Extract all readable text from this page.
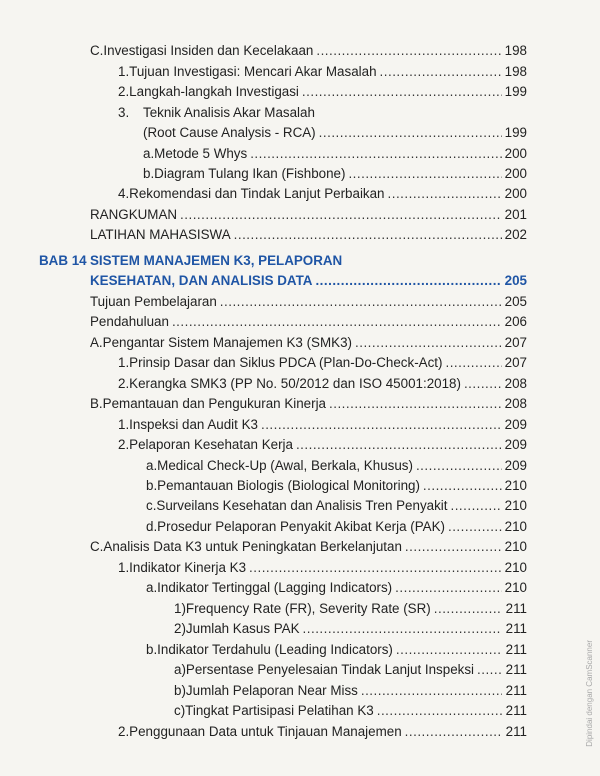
C. Investigasi Insiden dan Kecelakaan .....	198
1. Tujuan Investigasi: Mencari Akar Masalah .....	198
2. Langkah-langkah Investigasi .....	199
3.	Teknik Analisis Akar Masalah
(Root Cause Analysis - RCA) .....	199
a. Metode 5 Whys .....	200
b. Diagram Tulang Ikan (Fishbone) .....	200
4. Rekomendasi dan Tindak Lanjut Perbaikan .....	200
RANGKUMAN .....	201
LATIHAN MAHASISWA .....	202
BAB 14 SISTEM MANAJEMEN K3, PELAPORAN
KESEHATAN, DAN ANALISIS DATA .....	205
Tujuan Pembelajaran .....	205
Pendahuluan .....	206
A. Pengantar Sistem Manajemen K3 (SMK3) .....	207
1. Prinsip Dasar dan Siklus PDCA (Plan-Do-Check-Act) .....	207
2. Kerangka SMK3 (PP No. 50/2012 dan ISO 45001:2018) .....	208
B. Pemantauan dan Pengukuran Kinerja .....	208
1. Inspeksi dan Audit K3 .....	209
2. Pelaporan Kesehatan Kerja .....	209
a. Medical Check-Up (Awal, Berkala, Khusus) .....	209
b. Pemantauan Biologis (Biological Monitoring) .....	210
c. Surveilans Kesehatan dan Analisis Tren Penyakit .....	210
d. Prosedur Pelaporan Penyakit Akibat Kerja (PAK) .....	210
C. Analisis Data K3 untuk Peningkatan Berkelanjutan .....	210
1. Indikator Kinerja K3 .....	210
a. Indikator Tertinggal (Lagging Indicators) .....	210
1) Frequency Rate (FR), Severity Rate (SR) .....	211
2) Jumlah Kasus PAK .....	211
b. Indikator Terdahulu (Leading Indicators) .....	211
a) Persentase Penyelesaian Tindak Lanjut Inspeksi ..... 211
b) Jumlah Pelaporan Near Miss .....	211
c) Tingkat Partisipasi Pelatihan K3 .....	211
2. Penggunaan Data untuk Tinjauan Manajemen .....	211	Dipindai dengan CamScanner
